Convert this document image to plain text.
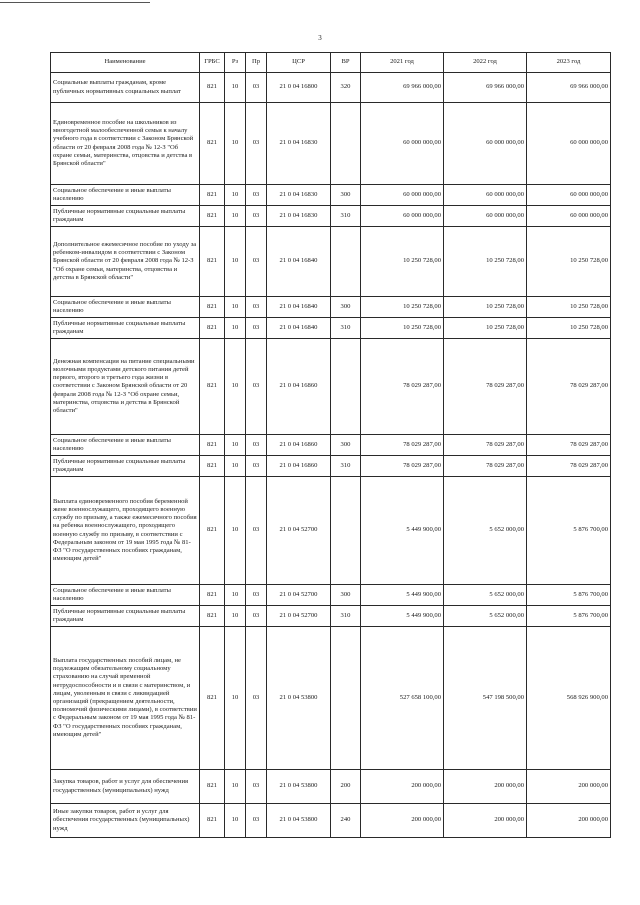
3
Наименование	ГРБС	Рз	Пр	ЦСР	ВР	2021 год	2022 год	2023 год
Социальные выплаты гражданам, кроме публичных нормативных социальных выплат	821	10	03	21 0 04 16800	320	69 966 000,00	69 966 000,00	69 966 000,00
Единовременное пособие на школьников из многодетной малообеспеченной семьи к началу учебного года в соответствии с Законом Брянской области от 20 февраля 2008 года № 12-З "Об охране семьи, материнства, отцовства и детства в Брянской области"	821	10	03	21 0 04 16830		60 000 000,00	60 000 000,00	60 000 000,00
Социальное обеспечение и иные выплаты населению	821	10	03	21 0 04 16830	300	60 000 000,00	60 000 000,00	60 000 000,00
Публичные нормативные социальные выплаты гражданам	821	10	03	21 0 04 16830	310	60 000 000,00	60 000 000,00	60 000 000,00
Дополнительное ежемесячное пособие по уходу за ребенком-инвалидом в соответствии с Законом Брянской области от 20 февраля 2008 года № 12-З "Об охране семьи, материнства, отцовства и детства в Брянской области"	821	10	03	21 0 04 16840		10 250 728,00	10 250 728,00	10 250 728,00
Социальное обеспечение и иные выплаты населению	821	10	03	21 0 04 16840	300	10 250 728,00	10 250 728,00	10 250 728,00
Публичные нормативные социальные выплаты гражданам	821	10	03	21 0 04 16840	310	10 250 728,00	10 250 728,00	10 250 728,00
Денежная компенсация на питание специальными молочными продуктами детского питания детей первого, второго и третьего года жизни в соответствии с Законом Брянской области от 20 февраля 2008 года № 12-З "Об охране семьи, материнства, отцовства и детства в Брянской области"	821	10	03	21 0 04 16860		78 029 287,00	78 029 287,00	78 029 287,00
Социальное обеспечение и иные выплаты населению	821	10	03	21 0 04 16860	300	78 029 287,00	78 029 287,00	78 029 287,00
Публичные нормативные социальные выплаты гражданам	821	10	03	21 0 04 16860	310	78 029 287,00	78 029 287,00	78 029 287,00
Выплата единовременного пособия беременной жене военнослужащего, проходящего военную службу по призыву, а также ежемесячного пособия на ребенка военнослужащего, проходящего военную службу по призыву, в соответствии с Федеральным законом от 19 мая 1995 года № 81-ФЗ "О государственных пособиях гражданам, имеющим детей"	821	10	03	21 0 04 52700		5 449 900,00	5 652 000,00	5 876 700,00
Социальное обеспечение и иные выплаты населению	821	10	03	21 0 04 52700	300	5 449 900,00	5 652 000,00	5 876 700,00
Публичные нормативные социальные выплаты гражданам	821	10	03	21 0 04 52700	310	5 449 900,00	5 652 000,00	5 876 700,00
Выплата государственных пособий лицам, не подлежащим обязательному социальному страхованию на случай временной нетрудоспособности и в связи с материнством, и лицам, уволенным в связи с ликвидацией организаций (прекращением деятельности, полномочий физическими лицами), в соответствии с Федеральным законом от 19 мая 1995 года № 81-ФЗ "О государственных пособиях гражданам, имеющим детей"	821	10	03	21 0 04 53800		527 658 100,00	547 198 500,00	568 926 900,00
Закупка товаров, работ и услуг для обеспечения государственных (муниципальных) нужд	821	10	03	21 0 04 53800	200	200 000,00	200 000,00	200 000,00
Иные закупки товаров, работ и услуг для обеспечения государственных (муниципальных) нужд	821	10	03	21 0 04 53800	240	200 000,00	200 000,00	200 000,00
